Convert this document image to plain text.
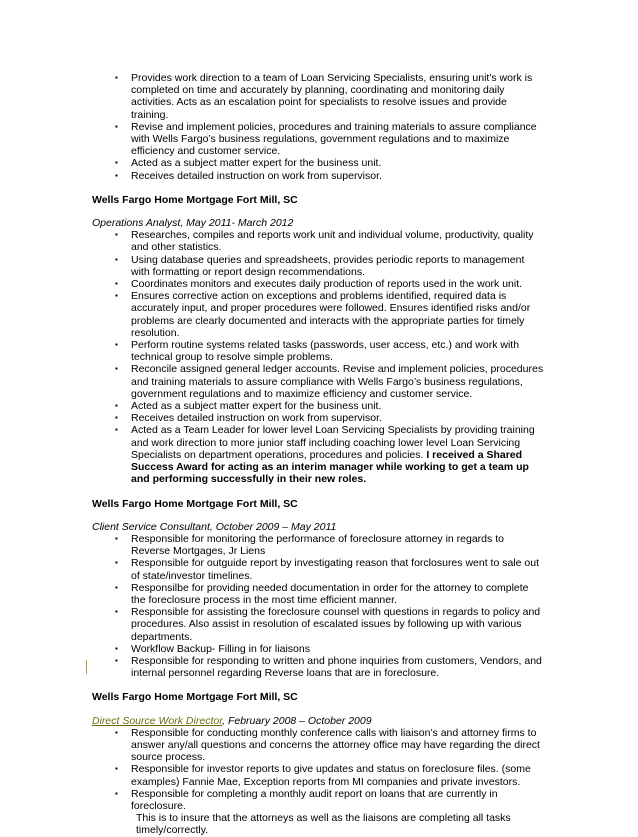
▪ Provides work direction to a team of Loan Servicing Specialists, ensuring unit's work is completed on time and accurately by planning, coordinating and monitoring daily activities. Acts as an escalation point for specialists to resolve issues and provide training.
▪ Revise and implement policies, procedures and training materials to assure compliance with Wells Fargo’s business regulations, government regulations and to maximize efficiency and customer service.
▪ Acted as a subject matter expert for the business unit.
▪ Receives detailed instruction on work from supervisor.
Wells Fargo Home Mortgage Fort Mill, SC
Operations Analyst, May 2011- March 2012
▪ Researches, compiles and reports work unit and individual volume, productivity, quality and other statistics.
▪ Using database queries and spreadsheets, provides periodic reports to management with formatting or report design recommendations.
▪ Coordinates monitors and executes daily production of reports used in the work unit.
▪ Ensures corrective action on exceptions and problems identified, required data is accurately input, and proper procedures were followed. Ensures identified risks and/or problems are clearly documented and interacts with the appropriate parties for timely resolution.
▪ Perform routine systems related tasks (passwords, user access, etc.) and work with technical group to resolve simple problems.
▪ Reconcile assigned general ledger accounts. Revise and implement policies, procedures and training materials to assure compliance with Wells Fargo’s business regulations, government regulations and to maximize efficiency and customer service.
▪ Acted as a subject matter expert for the business unit.
▪ Receives detailed instruction on work from supervisor.
▪ Acted as a Team Leader for lower level Loan Servicing Specialists by providing training and work direction to more junior staff including coaching lower level Loan Servicing Specialists on department operations, procedures and policies. I received a Shared Success Award for acting as an interim manager while working to get a team up and performing successfully in their new roles.
Wells Fargo Home Mortgage Fort Mill, SC
Client Service Consultant, October 2009 – May 2011
▪ Responsible for monitoring the performance of foreclosure attorney in regards to Reverse Mortgages, Jr Liens
▪ Responsible for outguide report by investigating reason that forclosures went to sale out of state/investor timelines.
▪ Responsilbe for providing needed documentation in order for the attorney to complete the foreclosure process in the most time efficient manner.
▪ Responsible for assisting the foreclosure counsel with questions in regards to policy and procedures. Also assist in resolution of escalated issues by following up with various departments.
▪ Workflow Backup- Filling in for liaisons
▪ Responsible for responding to written and phone inquiries from customers, Vendors, and internal personnel regarding Reverse loans that are in foreclosure.
Wells Fargo Home Mortgage Fort Mill, SC
Direct Source Work Director, February 2008 – October 2009
▪ Responsible for conducting monthly conference calls with liaison’s and attorney firms to answer any/all questions and concerns the attorney office may have regarding the direct source process.
▪ Responsible for investor reports to give updates and status on foreclosure files. (some examples) Fannie Mae, Exception reports from MI companies and private investors.
▪ Responsible for completing a monthly audit report on loans that are currently in foreclosure.
This is to insure that the attorneys as well as the liaisons are completing all tasks timely/correctly.
